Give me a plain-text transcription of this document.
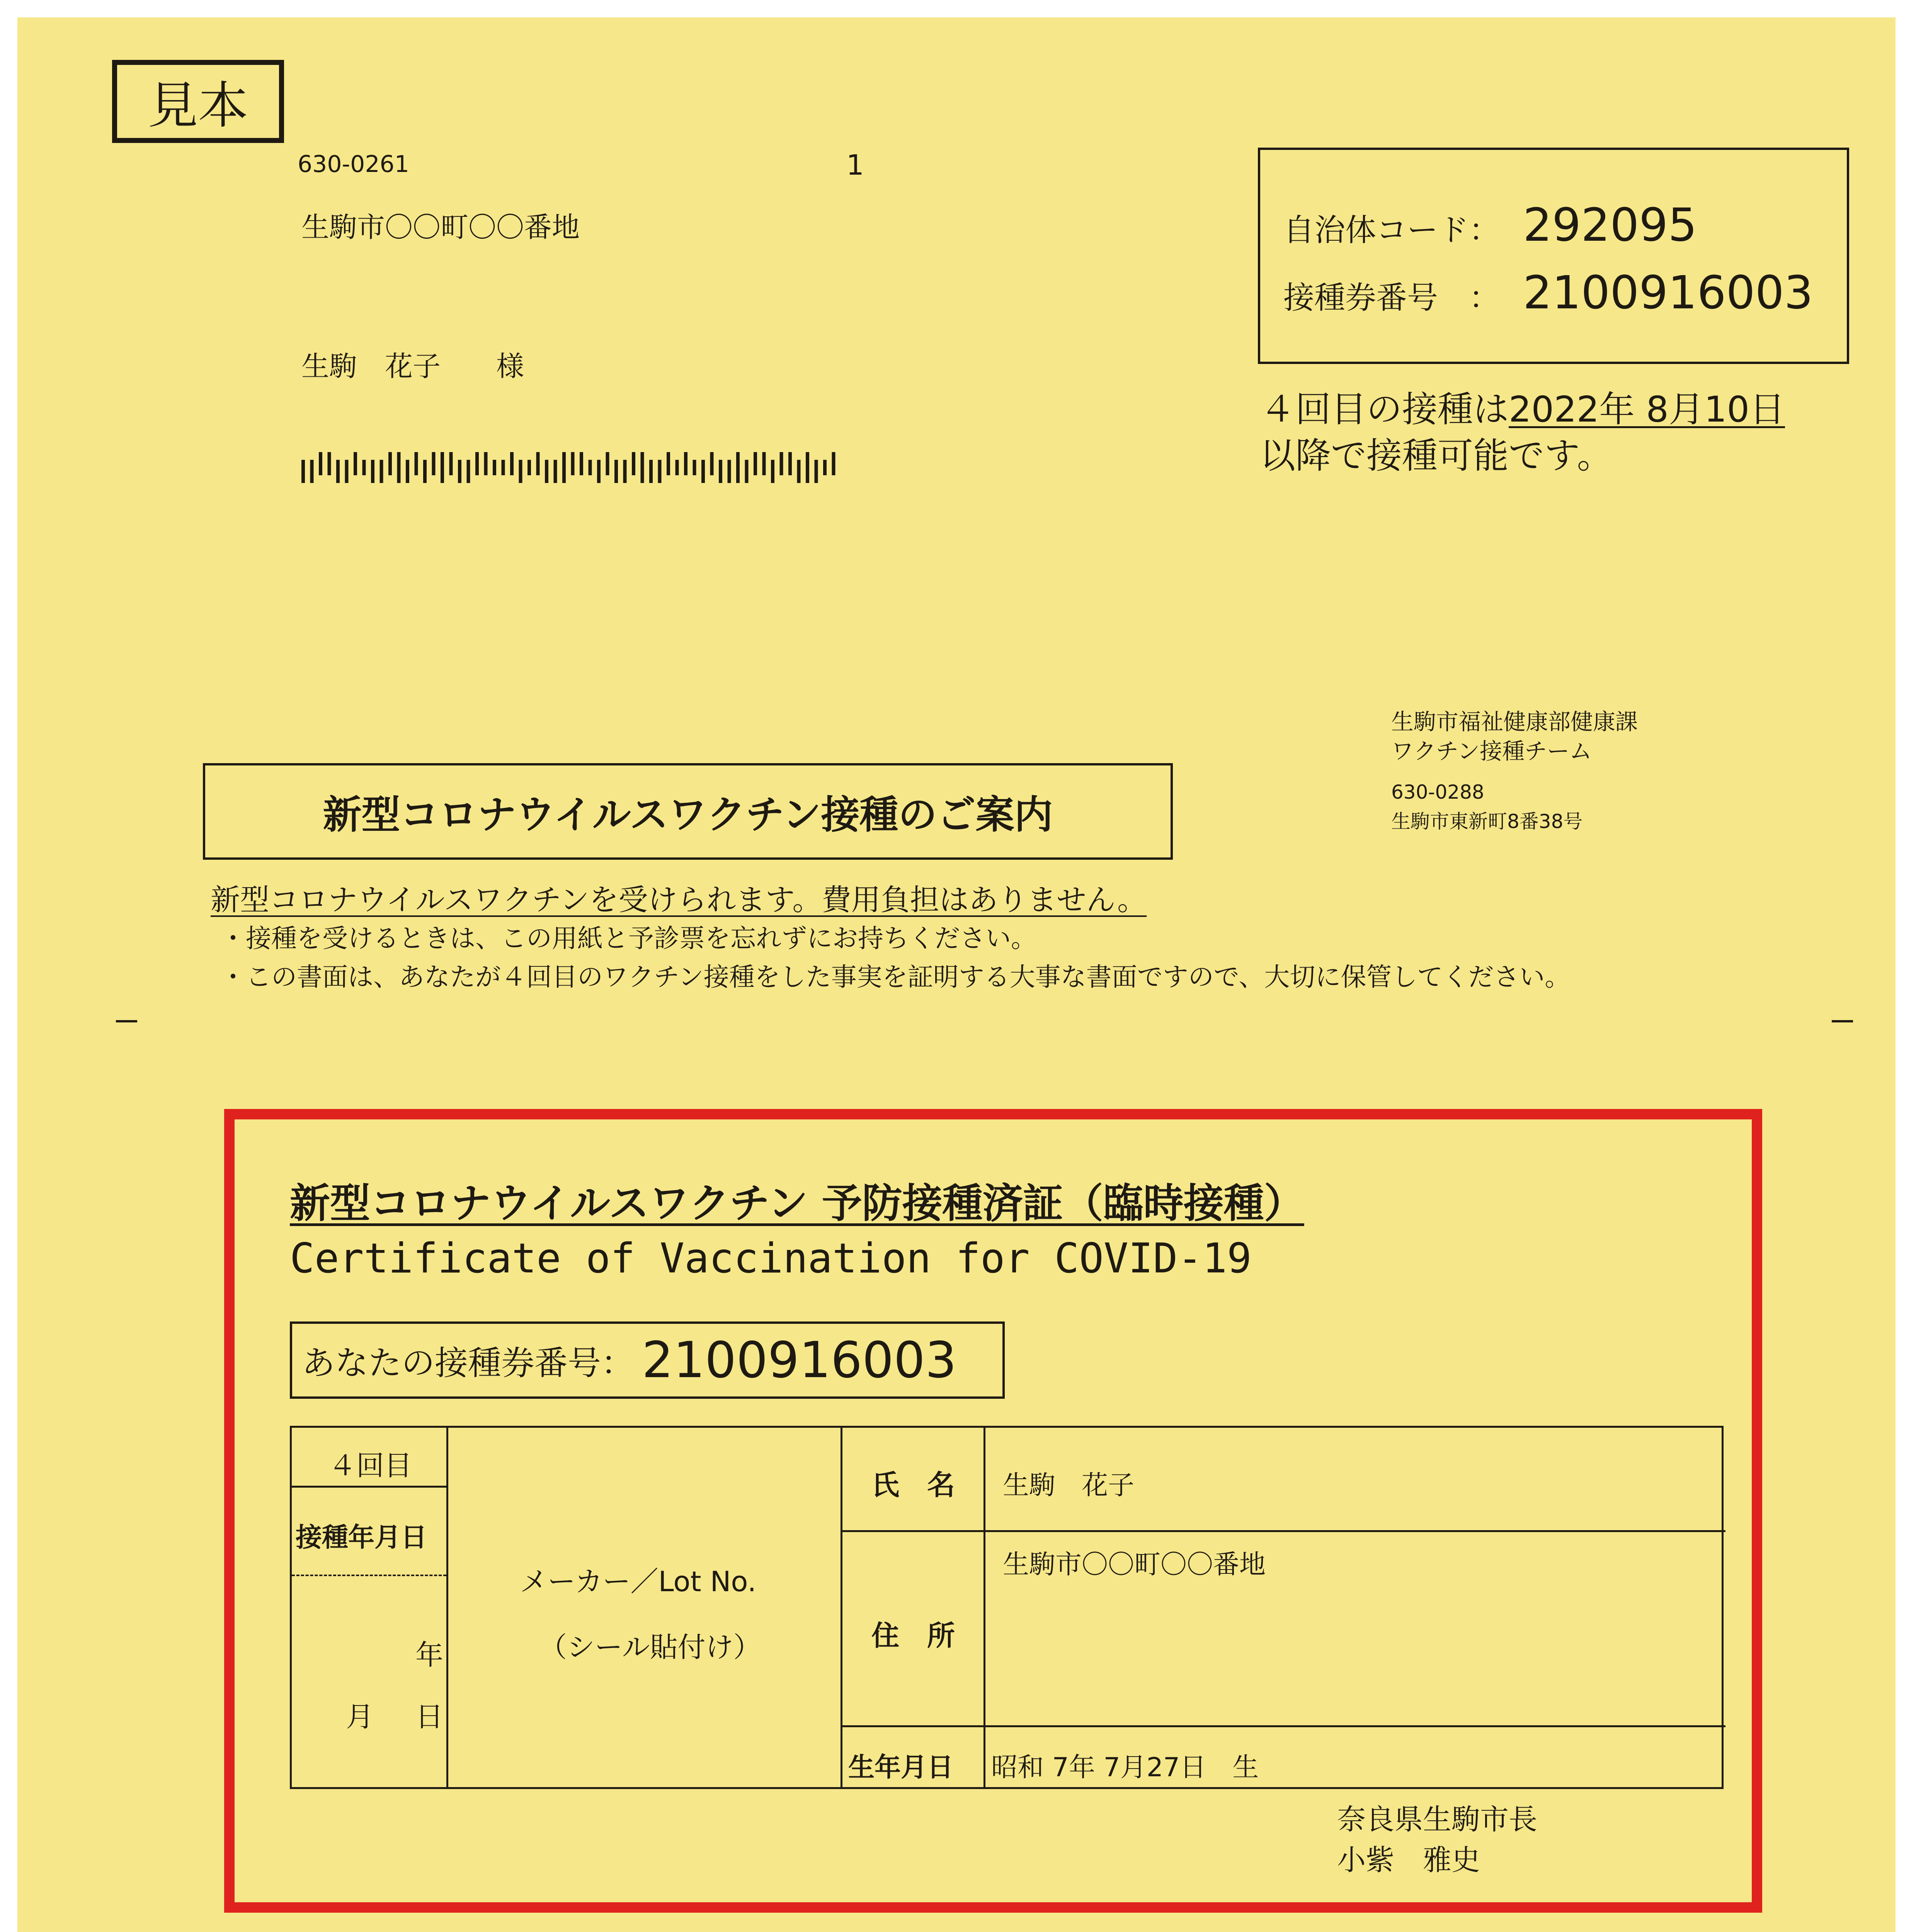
見本
630-0261	1
生駒市〇〇町〇〇番地
生駒　花子　　様
自治体コード： 292095
接種券番号　： 2100916003
４回目の接種は2022年 8月10日
以降で接種可能です。
生駒市福祉健康部健康課
ワクチン接種チーム
630-0288
生駒市東新町8番38号
新型コロナウイルスワクチン接種のご案内
新型コロナウイルスワクチンを受けられます。費用負担はありません。
・接種を受けるときは、この用紙と予診票を忘れずにお持ちください。
・この書面は、あなたが４回目のワクチン接種をした事実を証明する大事な書面ですので、大切に保管してください。
新型コロナウイルスワクチン 予防接種済証（臨時接種）
Certificate of Vaccination for COVID-19
あなたの接種券番号： 2100916003
４回目
接種年月日
年
月 日
メーカー／Lot No.
（シール貼付け）
氏　名 生駒　花子
住　所
生駒市〇〇町〇〇番地
生年月日 昭和 7年 7月27日　生
奈良県生駒市長
小紫　雅史
